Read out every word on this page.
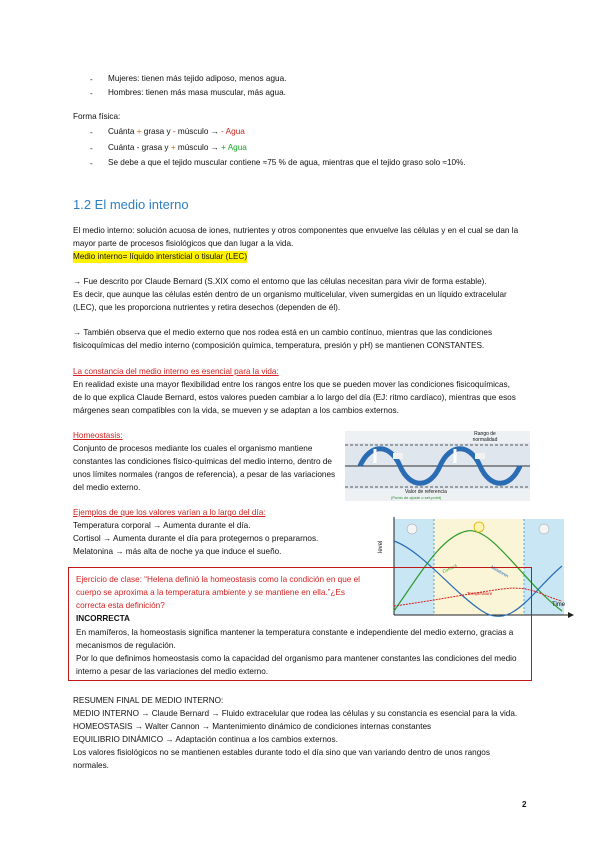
- Mujeres: tienen más tejido adiposo, menos agua.
- Hombres: tienen más masa muscular, más agua.
Forma física:
- Cuánta + grasa y - músculo → - Agua
- Cuánta - grasa y + músculo → + Agua
- Se debe a que el tejido muscular contiene ≈75 % de agua, mientras que el tejido graso solo ≈10%.
1.2 El medio interno
El medio interno: solución acuosa de iones, nutrientes y otros componentes que envuelve las células y en el cual se dan la
mayor parte de procesos fisiológicos que dan lugar a la vida.
Medio interno= líquido intersticial o tisular (LEC)
→ Fue descrito por Claude Bernard (S.XIX como el entorno que las células necesitan para vivir de forma estable).
Es decir, que aunque las células estén dentro de un organismo multicelular, viven sumergidas en un líquido extracelular
(LEC), que les proporciona nutrientes y retira desechos (dependen de él).
→ También observa que el medio externo que nos rodea está en un cambio contínuo, mientras que las condiciones
fisicoquímicas del medio interno (composición química, temperatura, presión y pH) se mantienen CONSTANTES.
La constancia del medio interno es esencial para la vida:
En realidad existe una mayor flexibilidad entre los rangos entre los que se pueden mover las condiciones fisicoquímicas,
de lo que explica Claude Bernard, estos valores pueden cambiar a lo largo del día (EJ: ritmo cardíaco), mientras que esos
márgenes sean compatibles con la vida, se mueven y se adaptan a los cambios externos.
Homeostasis:
Conjunto de procesos mediante los cuales el organismo mantiene
constantes las condiciones físico-químicas del medio interno, dentro de
unos límites normales (rangos de referencia), a pesar de las variaciones
del medio externo.
Rango de normalidad
Valor de referencia
(Punto de ajuste o set-point)
Ejemplos de que los valores varían a lo largo del día:
Temperatura corporal → Aumenta durante el día.
Cortisol → Aumenta durante el día para protegernos o prepararnos.
Melatonina → más alta de noche ya que induce el sueño.	level
Time
Cortisol	Melatonin
Temperature
Ejercicio de clase: “Helena definió la homeostasis como la condición en que el
cuerpo se aproxima a la temperatura ambiente y se mantiene en ella.”¿Es
correcta esta definición?
INCORRECTA
En mamíferos, la homeostasis significa mantener la temperatura constante e independiente del medio externo, gracias a
mecanismos de regulación.
Por lo que definimos homeostasis como la capacidad del organismo para mantener constantes las condiciones del medio
interno a pesar de las variaciones del medio externo.
RESUMEN FINAL DE MEDIO INTERNO:
MEDIO INTERNO → Claude Bernard → Fluido extracelular que rodea las células y su constancia es esencial para la vida.
HOMEOSTASIS → Walter Cannon → Mantenimiento dinámico de condiciones internas constantes
EQUILIBRIO DINÁMICO → Adaptación continua a los cambios externos.
Los valores fisiológicos no se mantienen estables durante todo el día sino que van variando dentro de unos rangos
normales.
2
